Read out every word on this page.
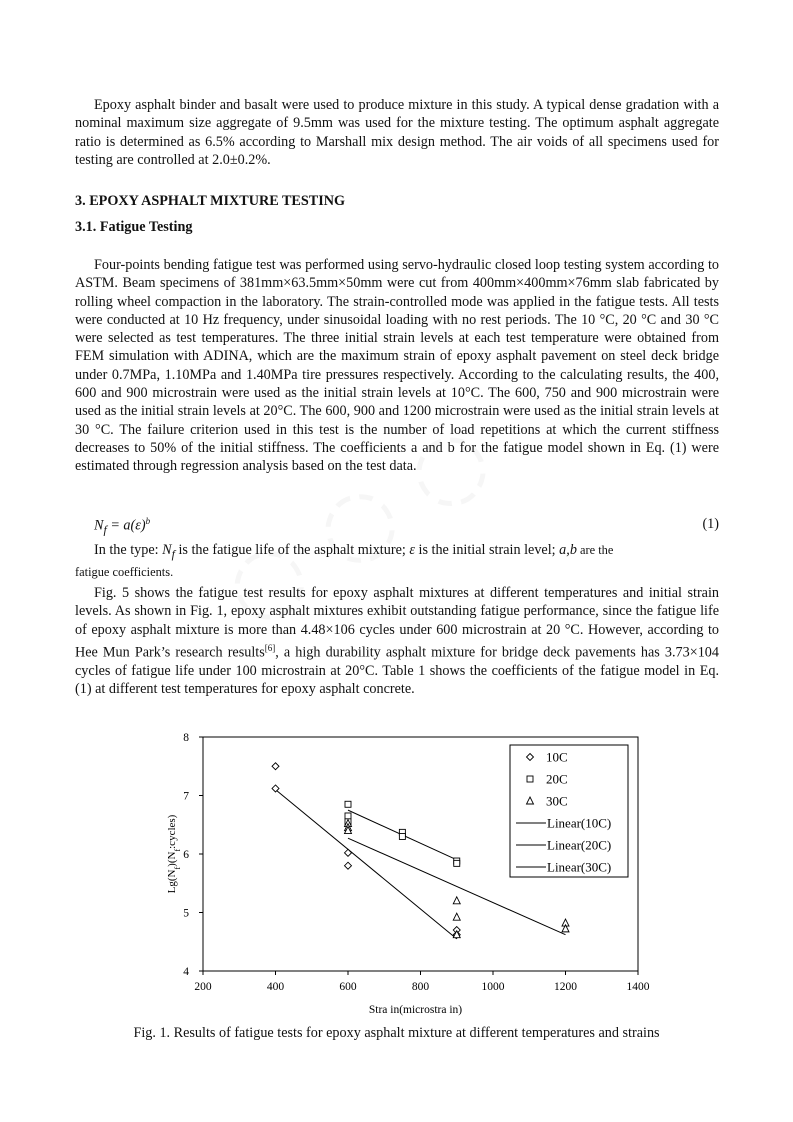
Epoxy asphalt binder and basalt were used to produce mixture in this study. A typical dense gradation with a nominal maximum size aggregate of 9.5mm was used for the mixture testing. The optimum asphalt aggregate ratio is determined as 6.5% according to Marshall mix design method. The air voids of all specimens used for testing are controlled at 2.0±0.2%.

3. EPOXY ASPHALT MIXTURE TESTING
3.1. Fatigue Testing

Four-points bending fatigue test was performed using servo-hydraulic closed loop testing system according to ASTM. Beam specimens of 381mm×63.5mm×50mm were cut from 400mm×400mm×76mm slab fabricated by rolling wheel compaction in the laboratory. The strain-controlled mode was applied in the fatigue tests. All tests were conducted at 10 Hz frequency, under sinusoidal loading with no rest periods. The 10 °C, 20 °C and 30 °C were selected as test temperatures. The three initial strain levels at each test temperature were obtained from FEM simulation with ADINA, which are the maximum strain of epoxy asphalt pavement on steel deck bridge under 0.7MPa, 1.10MPa and 1.40MPa tire pressures respectively. According to the calculating results, the 400, 600 and 900 microstrain were used as the initial strain levels at 10°C. The 600, 750 and 900 microstrain were used as the initial strain levels at 20°C. The 600, 900 and 1200 microstrain were used as the initial strain levels at 30 °C. The failure criterion used in this test is the number of load repetitions at which the current stiffness decreases to 50% of the initial stiffness. The coefficients a and b for the fatigue model shown in Eq. (1) were estimated through regression analysis based on the test data.

$N_f = a(\varepsilon)^b$	(1)
In the type: $N_f$ is the fatigue life of the asphalt mixture; ε is the initial strain level; a,b are the
fatigue coefficients.

Fig. 5 shows the fatigue test results for epoxy asphalt mixtures at different temperatures and initial strain levels. As shown in Fig. 1, epoxy asphalt mixtures exhibit outstanding fatigue performance, since the fatigue life of epoxy asphalt mixture is more than 4.48×106 cycles under 600 microstrain at 20 °C. However, according to Hee Mun Park’s research results[6], a high durability asphalt mixture for bridge deck pavements has 3.73×104 cycles of fatigue life under 100 microstrain at 20°C. Table 1 shows the coefficients of the fatigue model in Eq. (1) at different test temperatures for epoxy asphalt concrete.

200	400	600	800	1000	1200	1400
4
5
6
7
8
Stra in(microstra in)
$Lg(N_f)(N_f:cycles)$
10C
20C
30C
Linear(10C)
Linear(20C)
Linear(30C)
Fig. 1. Results of fatigue tests for epoxy asphalt mixture at different temperatures and strains
